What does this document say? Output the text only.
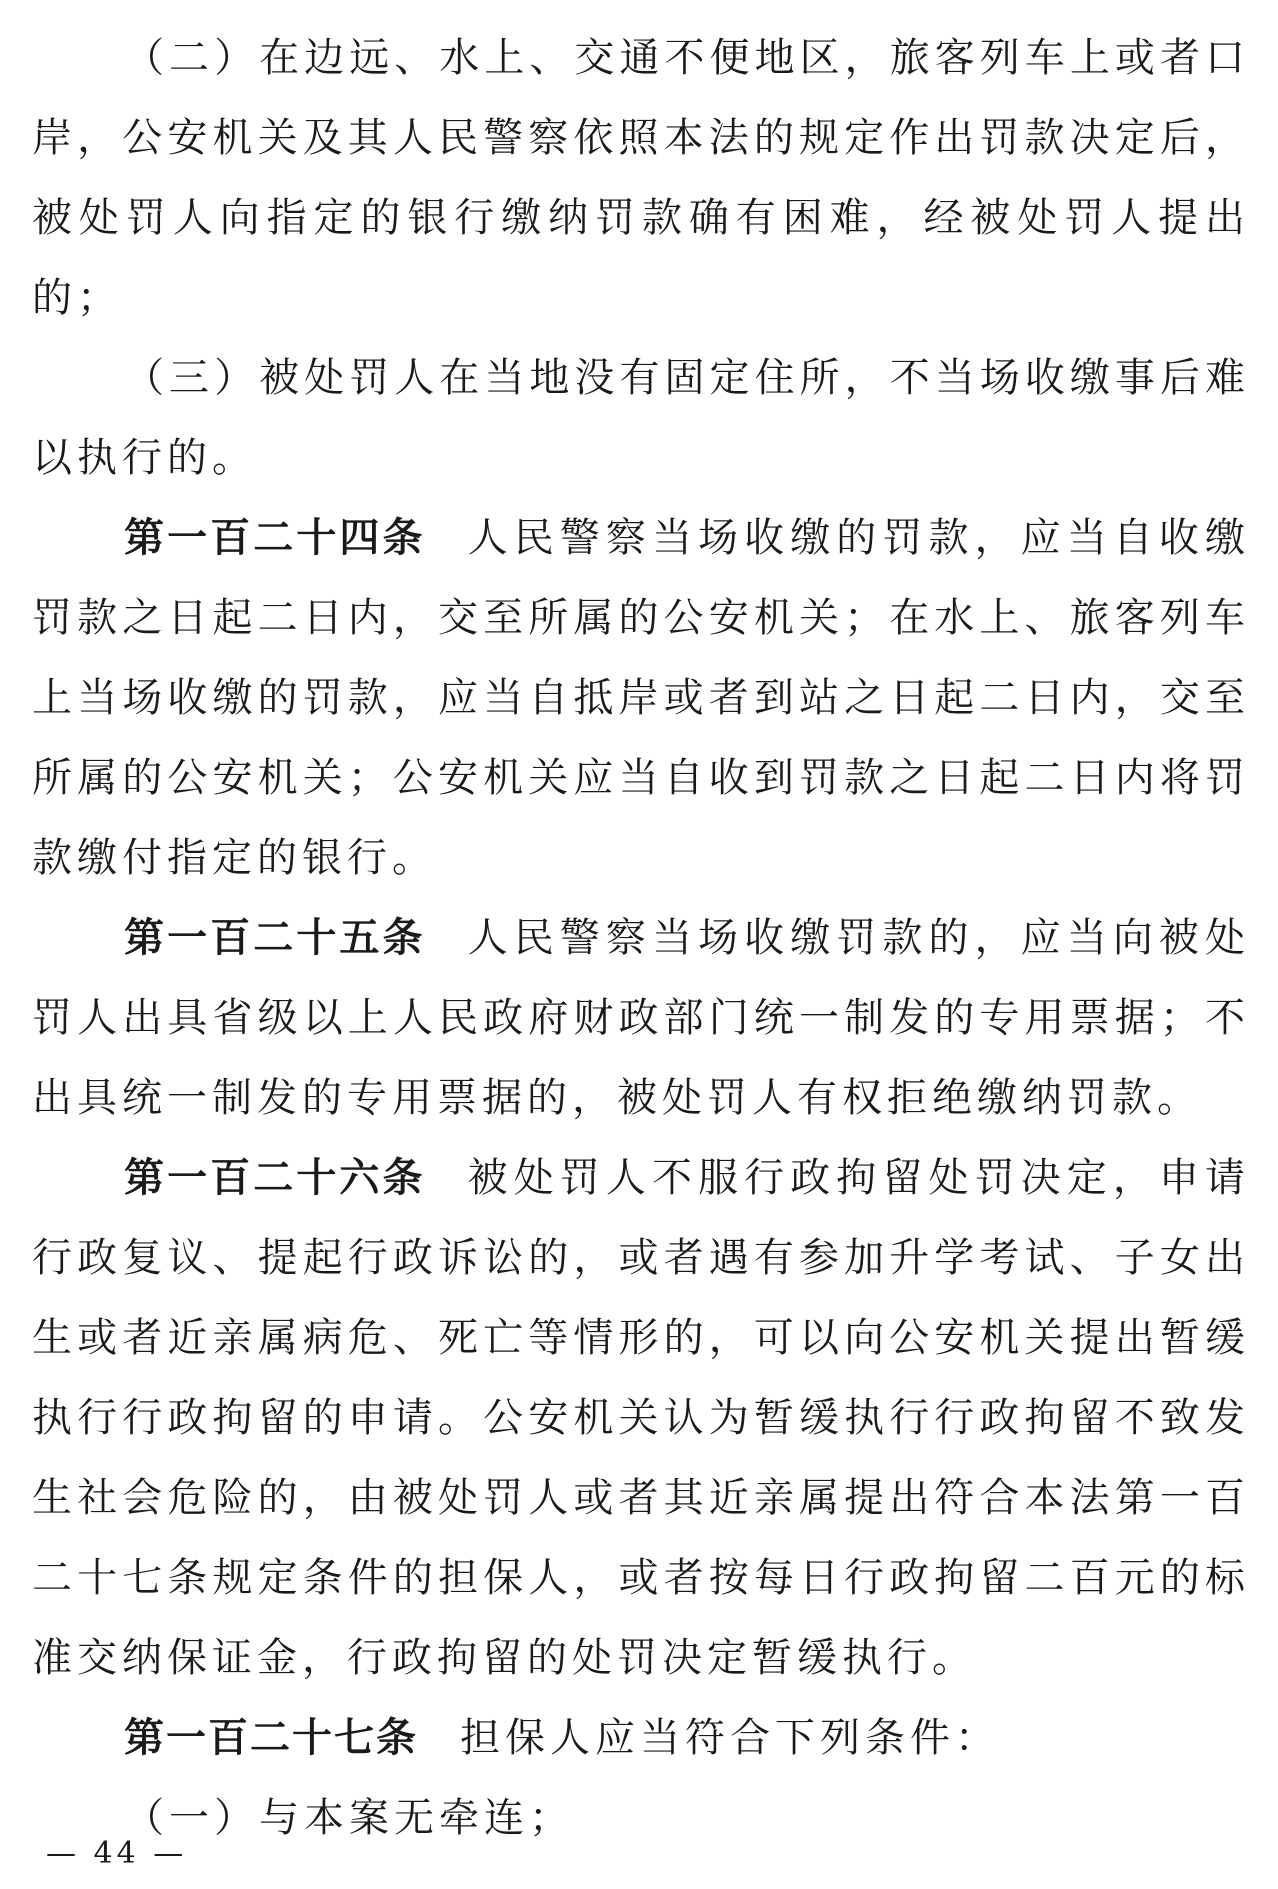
（二）在边远、水上、交通不便地区，旅客列车上或者口岸，公安机关及其人民警察依照本法的规定作出罚款决定后，被处罚人向指定的银行缴纳罚款确有困难，经被处罚人提出的；

（三）被处罚人在当地没有固定住所，不当场收缴事后难以执行的。

第一百二十四条 人民警察当场收缴的罚款，应当自收缴罚款之日起二日内，交至所属的公安机关；在水上、旅客列车上当场收缴的罚款，应当自抵岸或者到站之日起二日内，交至所属的公安机关；公安机关应当自收到罚款之日起二日内将罚款缴付指定的银行。

第一百二十五条 人民警察当场收缴罚款的，应当向被处罚人出具省级以上人民政府财政部门统一制发的专用票据；不出具统一制发的专用票据的，被处罚人有权拒绝缴纳罚款。

第一百二十六条 被处罚人不服行政拘留处罚决定，申请行政复议、提起行政诉讼的，或者遇有参加升学考试、子女出生或者近亲属病危、死亡等情形的，可以向公安机关提出暂缓执行行政拘留的申请。公安机关认为暂缓执行行政拘留不致发生社会危险的，由被处罚人或者其近亲属提出符合本法第一百二十七条规定条件的担保人，或者按每日行政拘留二百元的标准交纳保证金，行政拘留的处罚决定暂缓执行。

第一百二十七条 担保人应当符合下列条件：

（一）与本案无牵连；

— 44 —
